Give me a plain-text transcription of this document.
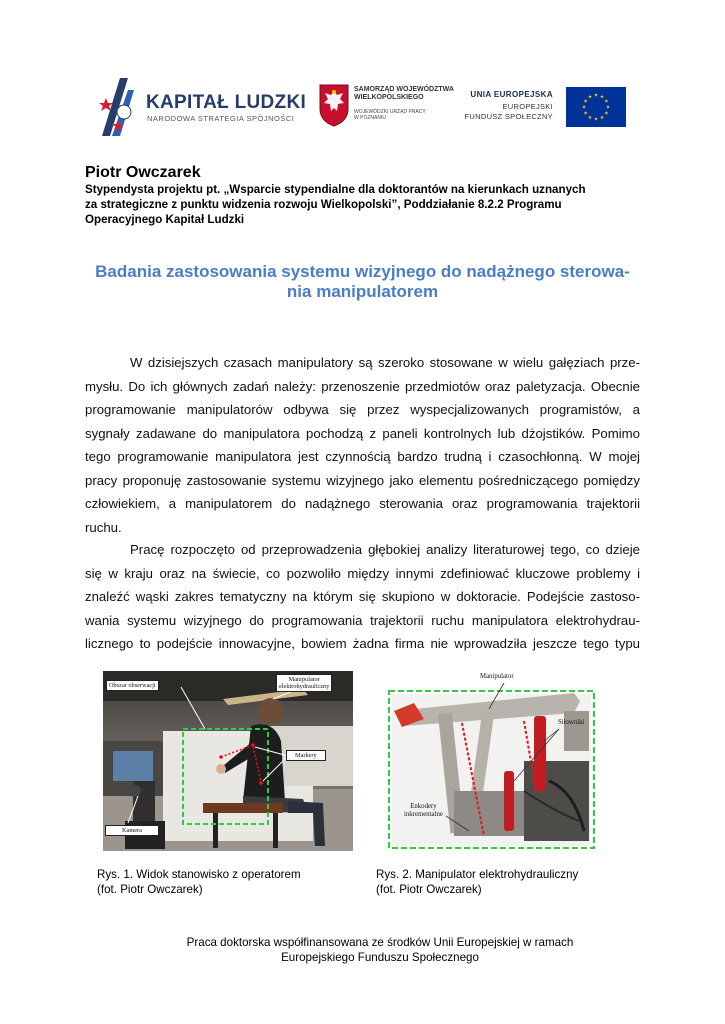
KAPITAŁ LUDZKI
NARODOWA STRATEGIA SPÓJNOŚCI
SAMORZĄD WOJEWÓDZTWA
WIELKOPOLSKIEGO
WOJEWÓDZKI URZĄD PRACY
W POZNANIU
UNIA EUROPEJSKA
EUROPEJSKI
FUNDUSZ SPOŁECZNY
Piotr Owczarek
Stypendysta projektu pt. „Wsparcie stypendialne dla doktorantów na kierunkach uznanych
za strategiczne z punktu widzenia rozwoju Wielkopolski”, Poddziałanie 8.2.2 Programu
Operacyjnego Kapitał Ludzki
Badania zastosowania systemu wizyjnego do nadążnego sterowa-
nia manipulatorem
W dzisiejszych czasach manipulatory są szeroko stosowane w wielu gałęziach prze-
mysłu. Do ich głównych zadań należy: przenoszenie przedmiotów oraz paletyzacja. Obecnie
programowanie manipulatorów odbywa się przez wyspecjalizowanych programistów, a
sygnały zadawane do manipulatora pochodzą z paneli kontrolnych lub dżojstików. Pomimo
tego programowanie manipulatora jest czynnością bardzo trudną i czasochłonną. W mojej
pracy proponuję zastosowanie systemu wizyjnego jako elementu pośredniczącego pomiędzy
człowiekiem, a manipulatorem do nadążnego sterowania oraz programowania trajektorii
ruchu.
Pracę rozpoczęto od przeprowadzenia głębokiej analizy literaturowej tego, co dzieje
się w kraju oraz na świecie, co pozwoliło między innymi zdefiniować kluczowe problemy i
znaleźć wąski zakres tematyczny na którym się skupiono w doktoracie. Podejście zastoso-
wania systemu wizyjnego do programowania trajektorii ruchu manipulatora elektrohydrau-
licznego to podejście innowacyjne, bowiem żadna firma nie wprowadziła jeszcze tego typu
Obszar obserwacji
Manipulator
elektrohydrauliczny
Markery
Kamera
Manipulator
Siłowniki
Enkodery
inkrementalne
Rys. 1. Widok stanowisko z operatorem
(fot. Piotr Owczarek)
Rys. 2. Manipulator elektrohydrauliczny
(fot. Piotr Owczarek)
Praca doktorska współfinansowana ze środków Unii Europejskiej w ramach
Europejskiego Funduszu Społecznego
